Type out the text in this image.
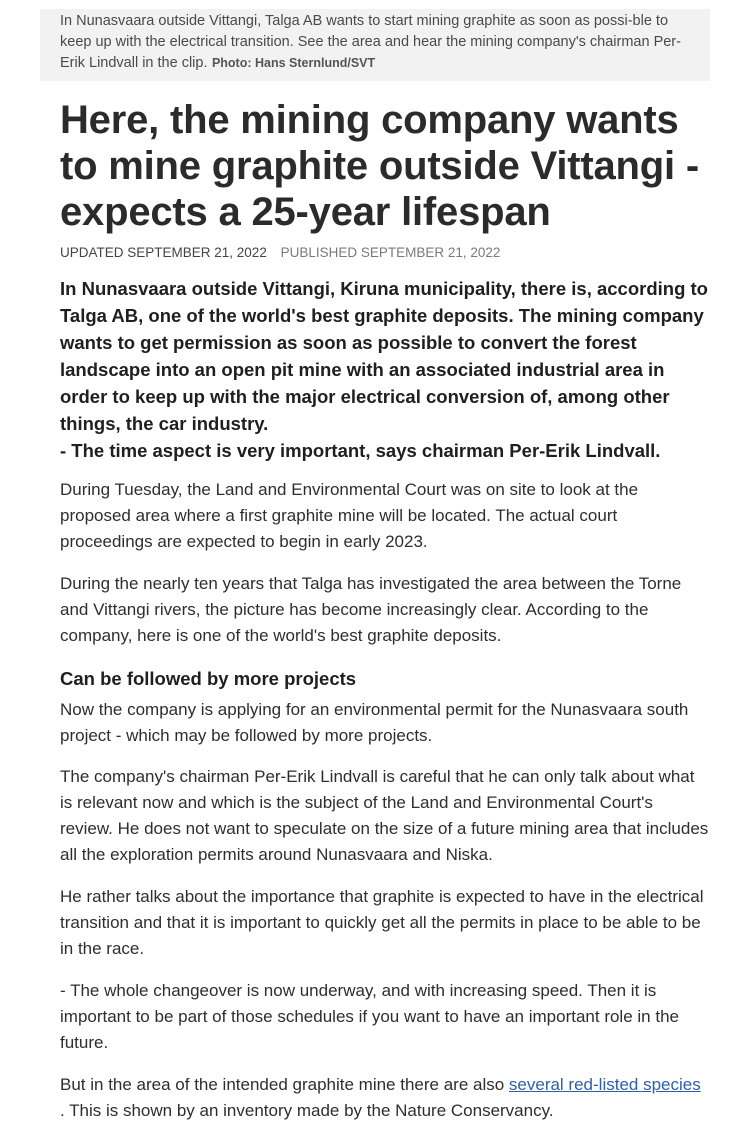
In Nunasvaara outside Vittangi, Talga AB wants to start mining graphite as soon as possi-ble to keep up with the electrical transition. See the area and hear the mining company's chairman Per-Erik Lindvall in the clip. Photo: Hans Sternlund/SVT
Here, the mining company wants to mine graphite outside Vittangi - expects a 25-year lifespan
UPDATED SEPTEMBER 21, 2022 PUBLISHED SEPTEMBER 21, 2022
In Nunasvaara outside Vittangi, Kiruna municipality, there is, according to Talga AB, one of the world's best graphite deposits. The mining company wants to get permission as soon as possible to convert the forest landscape into an open pit mine with an associated industrial area in order to keep up with the major electrical conversion of, among other things, the car industry.
- The time aspect is very important, says chairman Per-Erik Lindvall.

During Tuesday, the Land and Environmental Court was on site to look at the proposed area where a first graphite mine will be located. The actual court proceedings are expected to begin in early 2023.

During the nearly ten years that Talga has investigated the area between the Torne and Vittangi rivers, the picture has become increasingly clear. According to the company, here is one of the world's best graphite deposits.

Can be followed by more projects

Now the company is applying for an environmental permit for the Nunasvaara south project - which may be followed by more projects.

The company's chairman Per-Erik Lindvall is careful that he can only talk about what is relevant now and which is the subject of the Land and Environmental Court's review. He does not want to speculate on the size of a future mining area that includes all the exploration permits around Nunasvaara and Niska.

He rather talks about the importance that graphite is expected to have in the electrical transition and that it is important to quickly get all the permits in place to be able to be in the race.

- The whole changeover is now underway, and with increasing speed. Then it is important to be part of those schedules if you want to have an important role in the future.

But in the area of the intended graphite mine there are also several red-listed species . This is shown by an inventory made by the Nature Conservancy.
